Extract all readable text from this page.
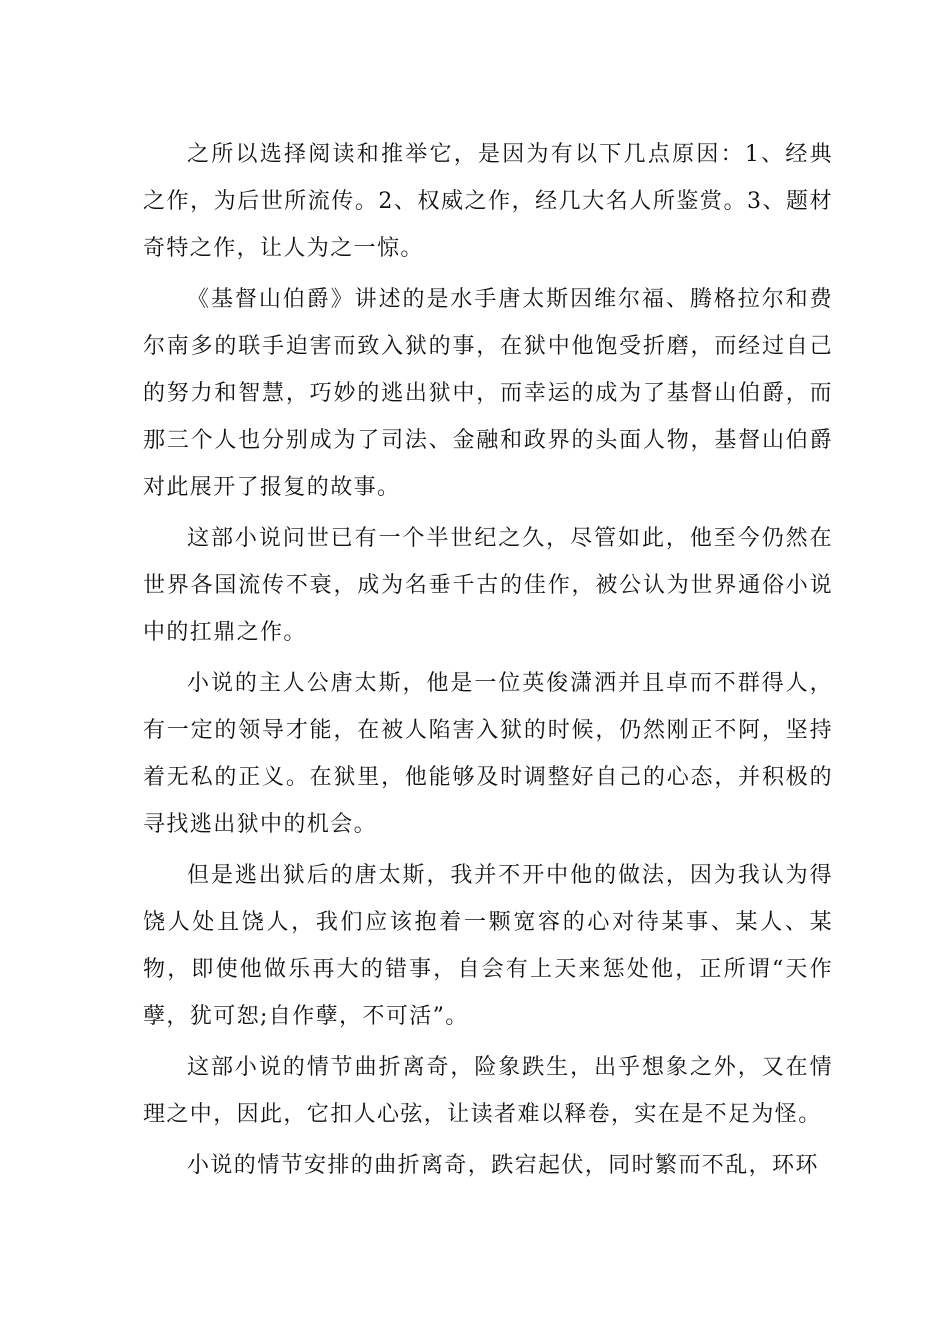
之所以选择阅读和推举它，是因为有以下几点原因：1、经典之作，为后世所流传。2、权威之作，经几大名人所鉴赏。3、题材奇特之作，让人为之一惊。

《基督山伯爵》讲述的是水手唐太斯因维尔福、腾格拉尔和费尔南多的联手迫害而致入狱的事，在狱中他饱受折磨，而经过自己的努力和智慧，巧妙的逃出狱中，而幸运的成为了基督山伯爵，而那三个人也分别成为了司法、金融和政界的头面人物，基督山伯爵对此展开了报复的故事。

这部小说问世已有一个半世纪之久，尽管如此，他至今仍然在世界各国流传不衰，成为名垂千古的佳作，被公认为世界通俗小说中的扛鼎之作。

小说的主人公唐太斯，他是一位英俊潇洒并且卓而不群得人，有一定的领导才能，在被人陷害入狱的时候，仍然刚正不阿，坚持着无私的正义。在狱里，他能够及时调整好自己的心态，并积极的寻找逃出狱中的机会。

但是逃出狱后的唐太斯，我并不开中他的做法，因为我认为得饶人处且饶人，我们应该抱着一颗宽容的心对待某事、某人、某物，即使他做乐再大的错事，自会有上天来惩处他，正所谓“天作孽，犹可恕;自作孽，不可活”。

这部小说的情节曲折离奇，险象跌生，出乎想象之外，又在情理之中，因此，它扣人心弦，让读者难以释卷，实在是不足为怪。

小说的情节安排的曲折离奇，跌宕起伏，同时繁而不乱，环环
